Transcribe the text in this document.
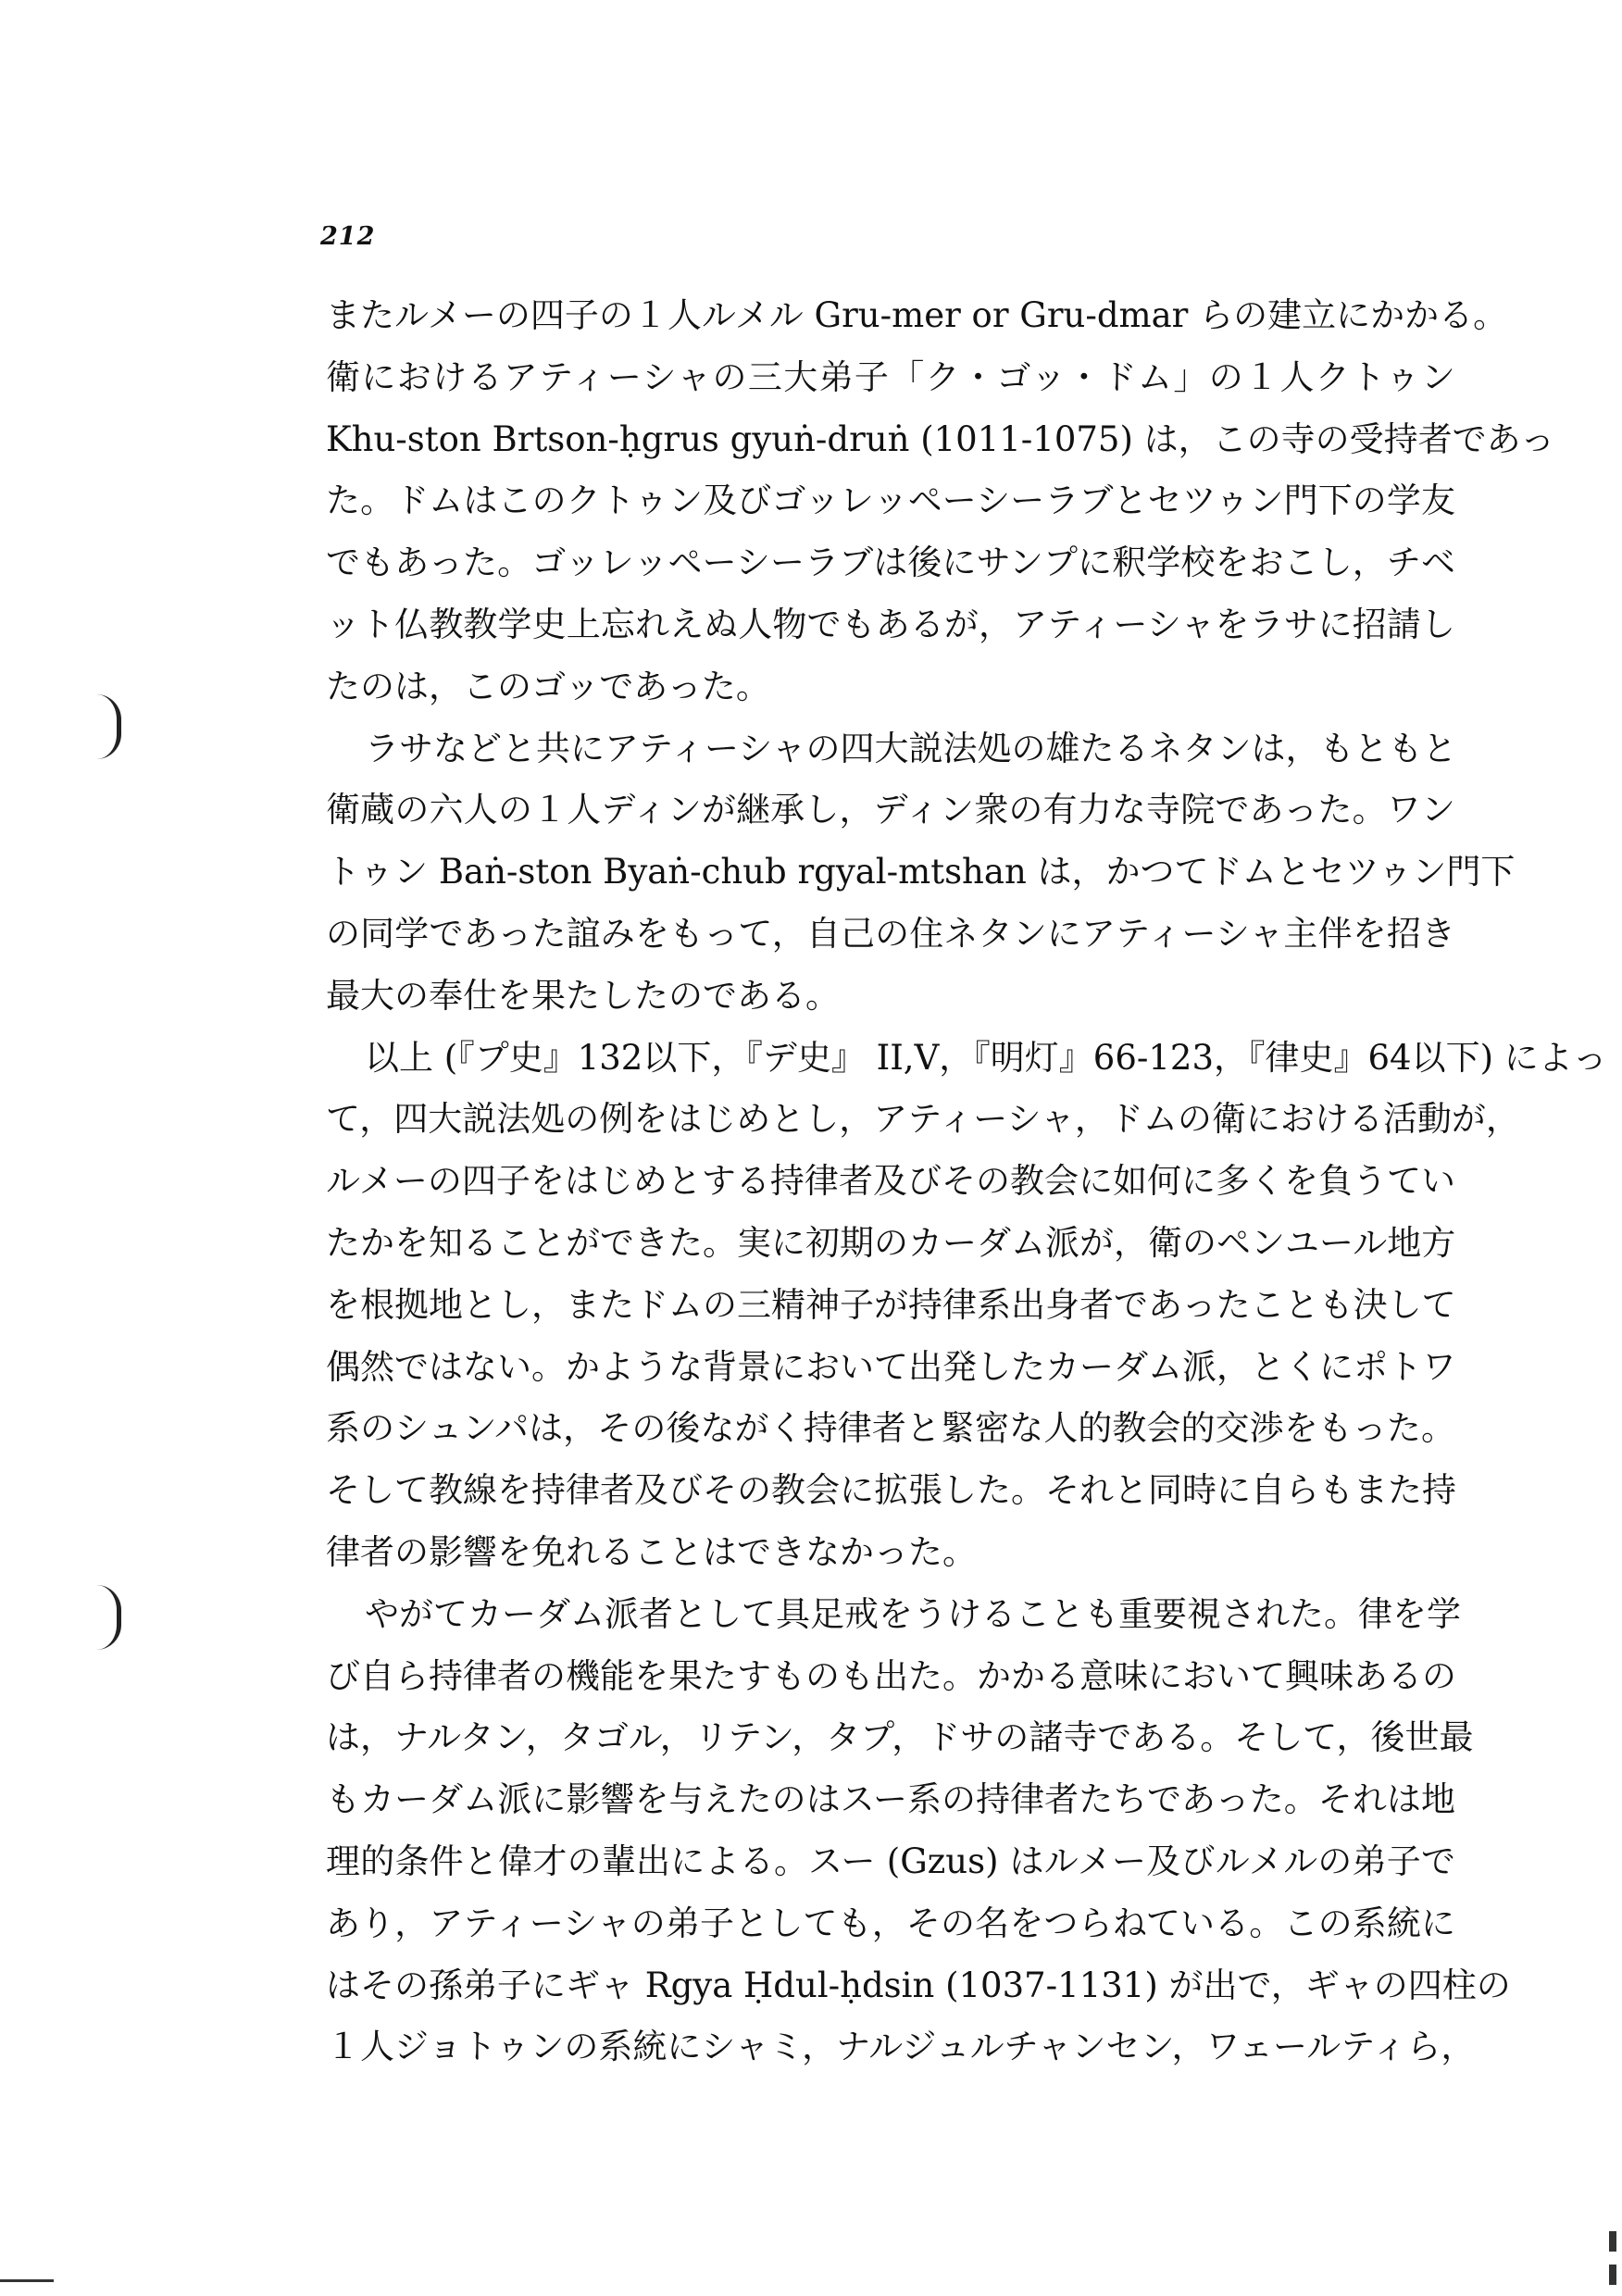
212
またルメーの四子の１人ルメル Gru-mer or Gru-dmar らの建立にかかる。
衛におけるアティーシャの三大弟子「ク・ゴッ・ドム」の１人クトゥン
Khu-ston Brtson-ḥgrus gyuṅ-druṅ (1011-1075) は，この寺の受持者であっ
た。ドムはこのクトゥン及びゴッレッペーシーラブとセツゥン門下の学友
でもあった。ゴッレッペーシーラブは後にサンプに釈学校をおこし，チベ
ット仏教教学史上忘れえぬ人物でもあるが，アティーシャをラサに招請し
たのは，このゴッであった。
ラサなどと共にアティーシャの四大説法処の雄たるネタンは，もともと
衛蔵の六人の１人ディンが継承し，ディン衆の有力な寺院であった。ワン
トゥン Baṅ-ston Byaṅ-chub rgyal-mtshan は，かつてドムとセツゥン門下
の同学であった誼みをもって，自己の住ネタンにアティーシャ主伴を招き
最大の奉仕を果たしたのである。
以上 (『プ史』132以下，『デ史』 II,V，『明灯』66-123，『律史』64以下) によっ
て，四大説法処の例をはじめとし，アティーシャ，ドムの衛における活動が，
ルメーの四子をはじめとする持律者及びその教会に如何に多くを負うてい
たかを知ることができた。実に初期のカーダム派が，衛のペンユール地方
を根拠地とし，またドムの三精神子が持律系出身者であったことも決して
偶然ではない。かような背景において出発したカーダム派，とくにポトワ
系のシュンパは，その後ながく持律者と緊密な人的教会的交渉をもった。
そして教線を持律者及びその教会に拡張した。それと同時に自らもまた持
律者の影響を免れることはできなかった。
やがてカーダム派者として具足戒をうけることも重要視された。律を学
び自ら持律者の機能を果たすものも出た。かかる意味において興味あるの
は，ナルタン，タゴル，リテン，タプ，ドサの諸寺である。そして，後世最
もカーダム派に影響を与えたのはスー系の持律者たちであった。それは地
理的条件と偉才の輩出による。スー (Gzus) はルメー及びルメルの弟子で
あり，アティーシャの弟子としても，その名をつらねている。この系統に
はその孫弟子にギャ Rgya Ḥdul-ḥdsin (1037-1131) が出で，ギャの四柱の
１人ジョトゥンの系統にシャミ，ナルジュルチャンセン，ワェールティら，
